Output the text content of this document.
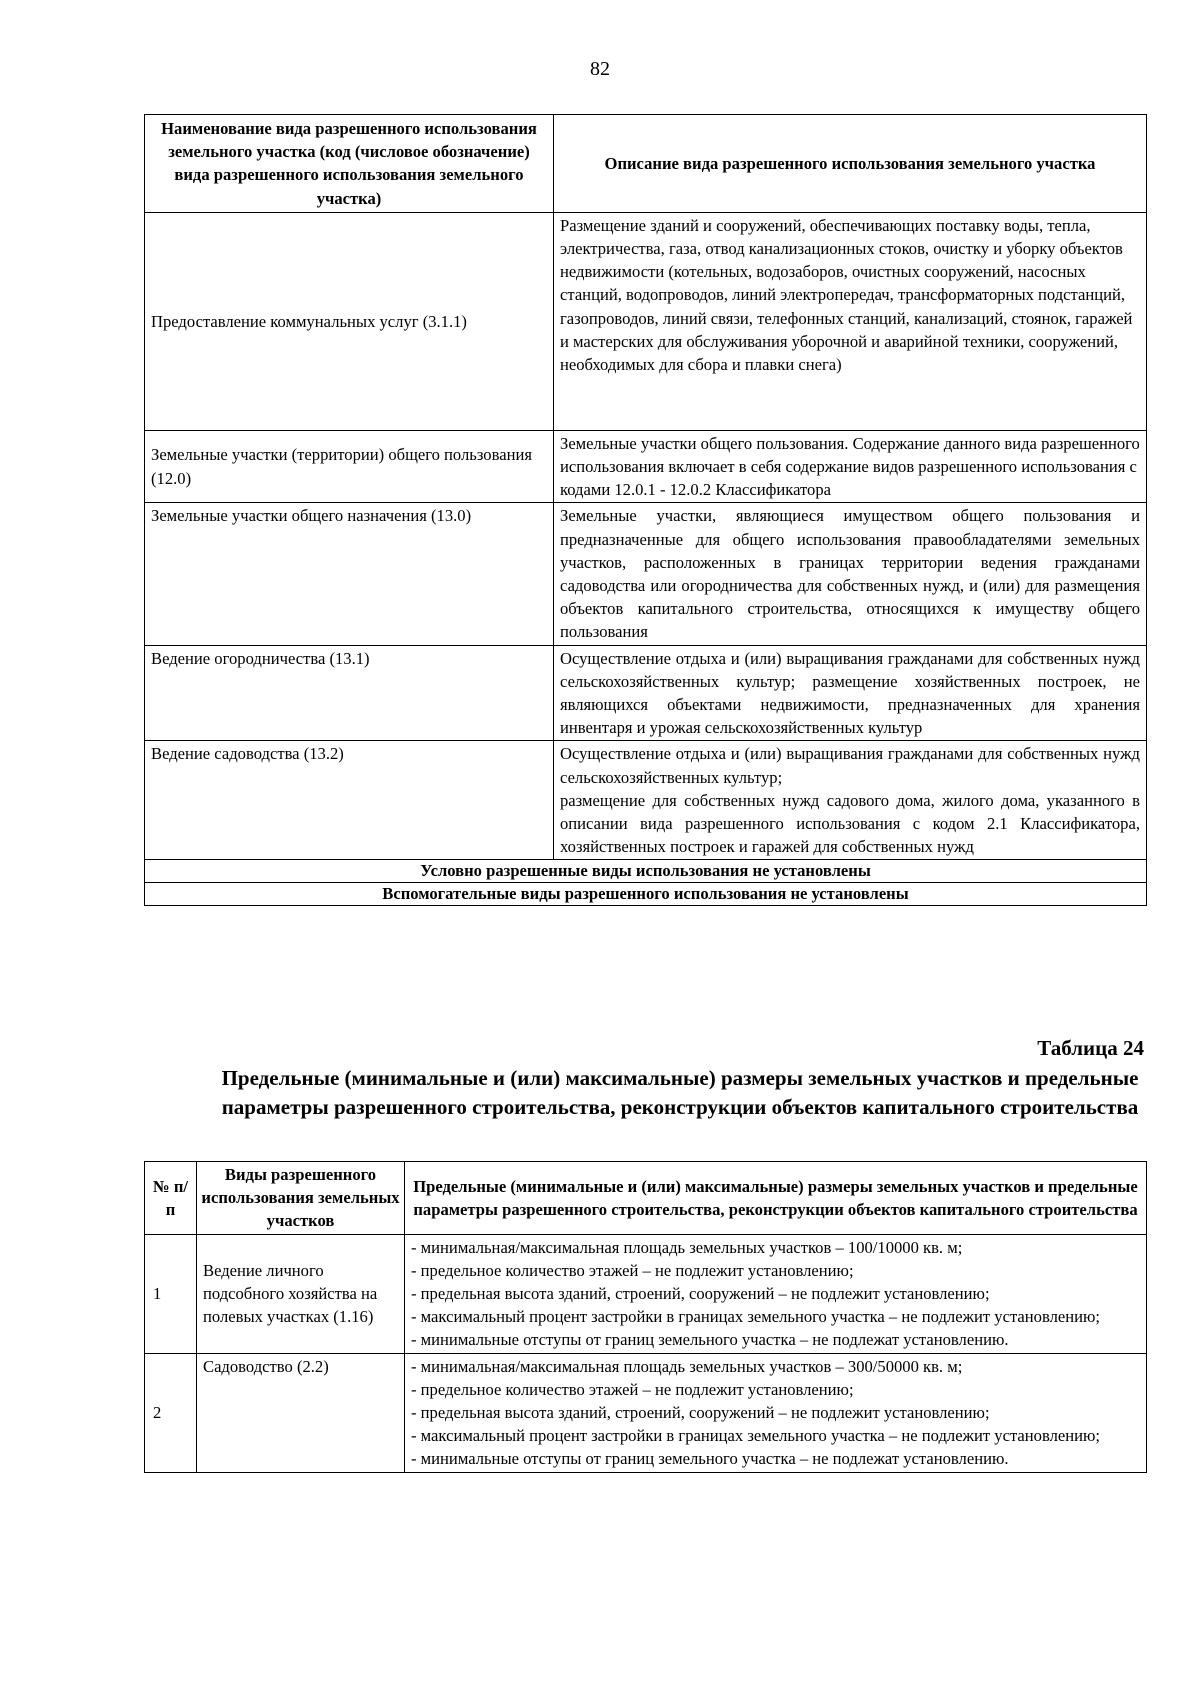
82
Наименование вида разрешенного использования земельного участка (код (числовое обозначение) вида разрешенного использования земельного участка)	Описание вида разрешенного использования земельного участка
Предоставление коммунальных услуг (3.1.1)	Размещение зданий и сооружений, обеспечивающих поставку воды, тепла, электричества, газа, отвод канализационных стоков, очистку и уборку объектов недвижимости (котельных, водозаборов, очистных сооружений, насосных станций, водопроводов, линий электропередач, трансформаторных подстанций, газопроводов, линий связи, телефонных станций, канализаций, стоянок, гаражей и мастерских для обслуживания уборочной и аварийной техники, сооружений, необходимых для сбора и плавки снега)
Земельные участки (территории) общего пользования (12.0)	Земельные участки общего пользования. Содержание данного вида разрешенного использования включает в себя содержание видов разрешенного использования с кодами 12.0.1 - 12.0.2 Классификатора
Земельные участки общего назначения (13.0)	Земельные участки, являющиеся имуществом общего пользования и предназначенные для общего использования правообладателями земельных участков, расположенных в границах территории ведения гражданами садоводства или огородничества для собственных нужд, и (или) для размещения объектов капитального строительства, относящихся к имуществу общего пользования
Ведение огородничества (13.1)	Осуществление отдыха и (или) выращивания гражданами для собственных нужд сельскохозяйственных культур; размещение хозяйственных построек, не являющихся объектами недвижимости, предназначенных для хранения инвентаря и урожая сельскохозяйственных культур
Ведение садоводства (13.2)	Осуществление отдыха и (или) выращивания гражданами для собственных нужд сельскохозяйственных культур;
размещение для собственных нужд садового дома, жилого дома, указанного в описании вида разрешенного использования с кодом 2.1 Классификатора, хозяйственных построек и гаражей для собственных нужд

Условно разрешенные виды использования не установлены	
Вспомогательные виды разрешенного использования не установлены	
Таблица 24
Предельные (минимальные и (или) максимальные) размеры земельных участков и предельные параметры разрешенного строительства, реконструкции объектов капитального строительства
№ п/п	Виды разрешенного использования земельных участков	Предельные (минимальные и (или) максимальные) размеры земельных участков и предельные параметры разрешенного строительства, реконструкции объектов капитального строительства
1	Ведение личного подсобного хозяйства на полевых участках (1.16)	- минимальная/максимальная площадь земельных участков – 100/10000 кв. м;
- предельное количество этажей – не подлежит установлению;
- предельная высота зданий, строений, сооружений – не подлежит установлению;
- максимальный процент застройки в границах земельного участка – не подлежит установлению;
- минимальные отступы от границ земельного участка – не подлежат установлению.

2	Садоводство (2.2)	- минимальная/максимальная площадь земельных участков – 300/50000 кв. м;
- предельное количество этажей – не подлежит установлению;
- предельная высота зданий, строений, сооружений – не подлежит установлению;
- максимальный процент застройки в границах земельного участка – не подлежит установлению;
- минимальные отступы от границ земельного участка – не подлежат установлению.
